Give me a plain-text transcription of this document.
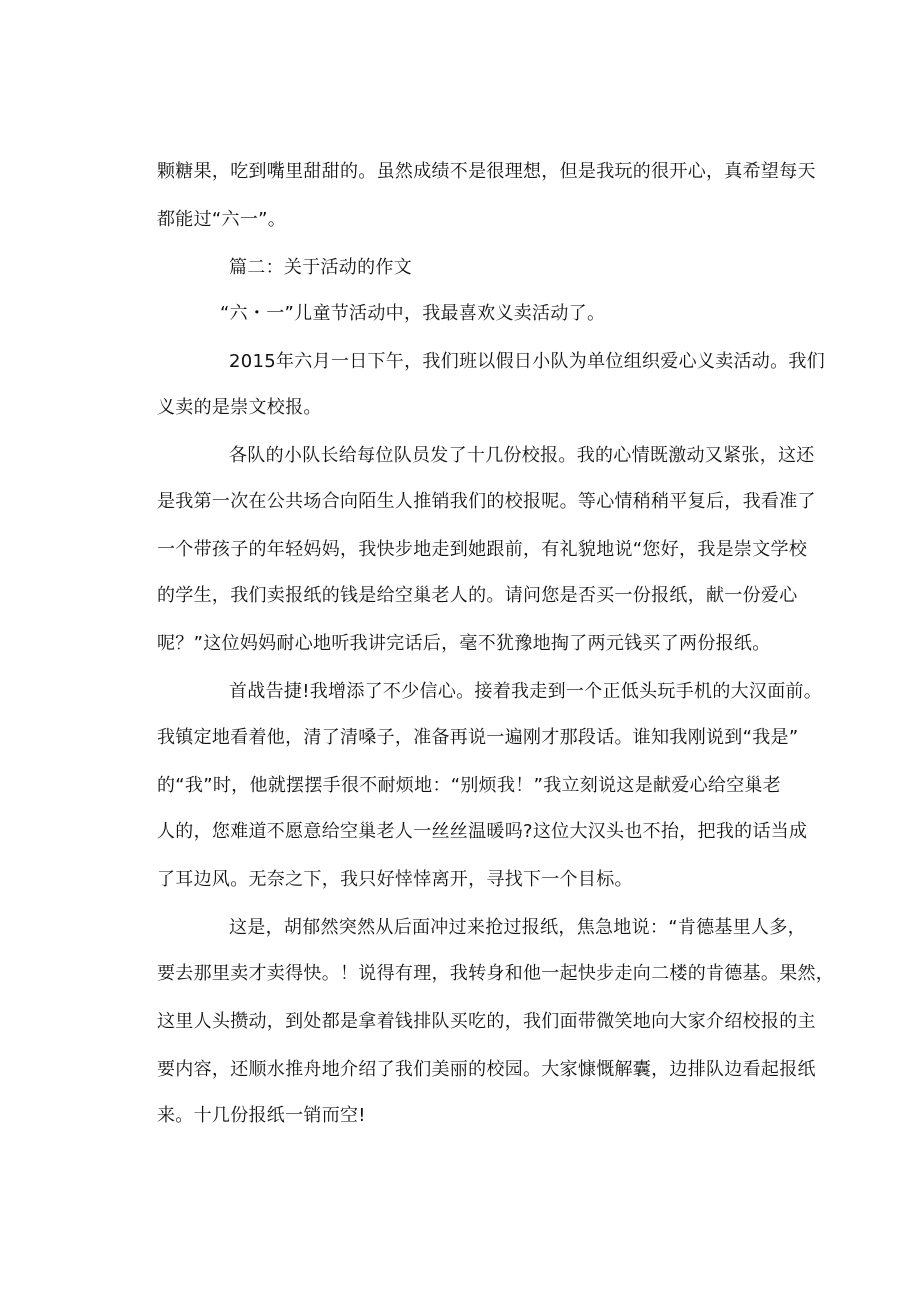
颗糖果，吃到嘴里甜甜的。虽然成绩不是很理想，但是我玩的很开心，真希望每天
都能过“六一”。
篇二：关于活动的作文
“六・一”儿童节活动中，我最喜欢义卖活动了。
2015年六月一日下午，我们班以假日小队为单位组织爱心义卖活动。我们
义卖的是崇文校报。
各队的小队长给每位队员发了十几份校报。我的心情既激动又紧张，这还
是我第一次在公共场合向陌生人推销我们的校报呢。等心情稍稍平复后，我看准了
一个带孩子的年轻妈妈，我快步地走到她跟前，有礼貌地说“您好，我是崇文学校
的学生，我们卖报纸的钱是给空巢老人的。请问您是否买一份报纸，献一份爱心
呢？”这位妈妈耐心地听我讲完话后，毫不犹豫地掏了两元钱买了两份报纸。
首战告捷!我增添了不少信心。接着我走到一个正低头玩手机的大汉面前。
我镇定地看着他，清了清嗓子，准备再说一遍刚才那段话。谁知我刚说到“我是”
的“我”时，他就摆摆手很不耐烦地：“别烦我！”我立刻说这是献爱心给空巢老
人的，您难道不愿意给空巢老人一丝丝温暖吗?这位大汉头也不抬，把我的话当成
了耳边风。无奈之下，我只好悻悻离开，寻找下一个目标。
这是，胡郁然突然从后面冲过来抢过报纸，焦急地说：“肯德基里人多，
要去那里卖才卖得快。！说得有理，我转身和他一起快步走向二楼的肯德基。果然，
这里人头攒动，到处都是拿着钱排队买吃的，我们面带微笑地向大家介绍校报的主
要内容，还顺水推舟地介绍了我们美丽的校园。大家慷慨解囊，边排队边看起报纸
来。十几份报纸一销而空!
